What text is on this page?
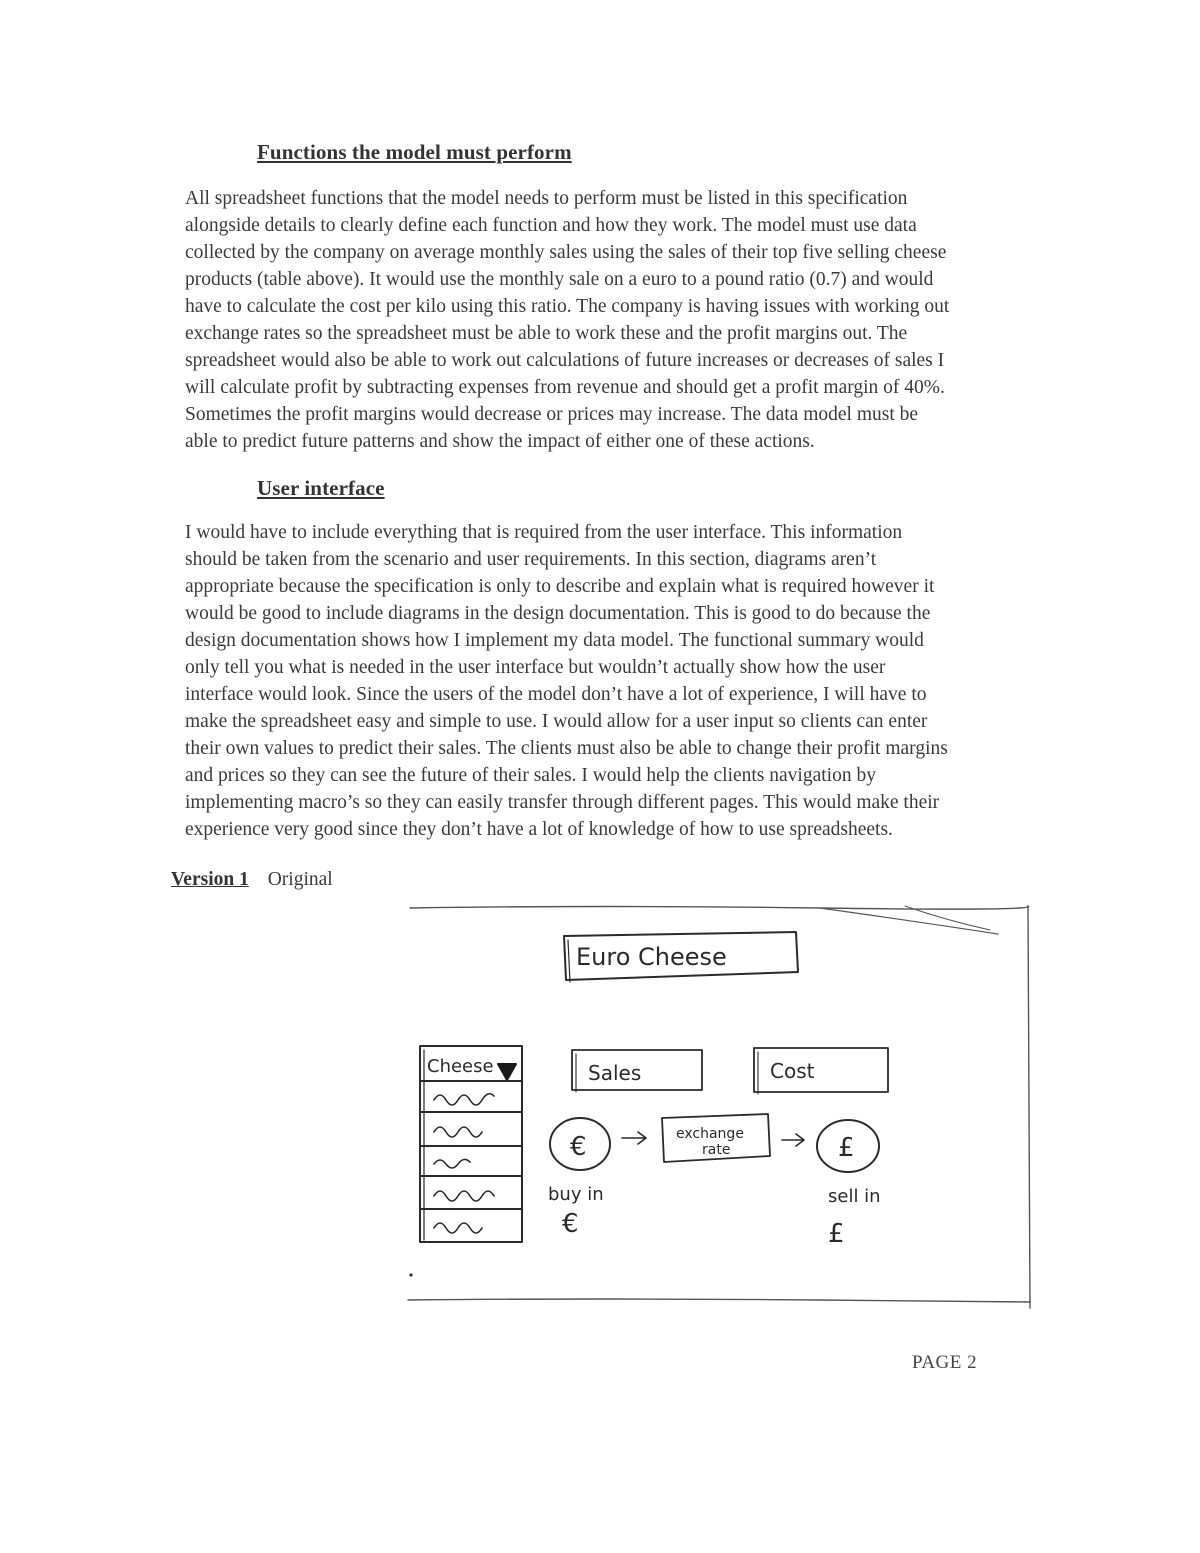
Functions the model must perform

All spreadsheet functions that the model needs to perform must be listed in this specification
alongside details to clearly define each function and how they work. The model must use data
collected by the company on average monthly sales using the sales of their top five selling cheese
products (table above). It would use the monthly sale on a euro to a pound ratio (0.7) and would
have to calculate the cost per kilo using this ratio. The company is having issues with working out
exchange rates so the spreadsheet must be able to work these and the profit margins out. The
spreadsheet would also be able to work out calculations of future increases or decreases of sales I
will calculate profit by subtracting expenses from revenue and should get a profit margin of 40%.
Sometimes the profit margins would decrease or prices may increase. The data model must be
able to predict future patterns and show the impact of either one of these actions.

User interface

I would have to include everything that is required from the user interface. This information
should be taken from the scenario and user requirements. In this section, diagrams aren’t
appropriate because the specification is only to describe and explain what is required however it
would be good to include diagrams in the design documentation. This is good to do because the
design documentation shows how I implement my data model. The functional summary would
only tell you what is needed in the user interface but wouldn’t actually show how the user
interface would look. Since the users of the model don’t have a lot of experience, I will have to
make the spreadsheet easy and simple to use. I would allow for a user input so clients can enter
their own values to predict their sales. The clients must also be able to change their profit margins
and prices so they can see the future of their sales. I would help the clients navigation by
implementing macro’s so they can easily transfer through different pages. This would make their
experience very good since they don’t have a lot of knowledge of how to use spreadsheets.

Version 1 Original
Euro Cheese
Cheese	Sales	Cost
€	exchange
rate	£
buy in
€
sell in
£
PAGE 2
